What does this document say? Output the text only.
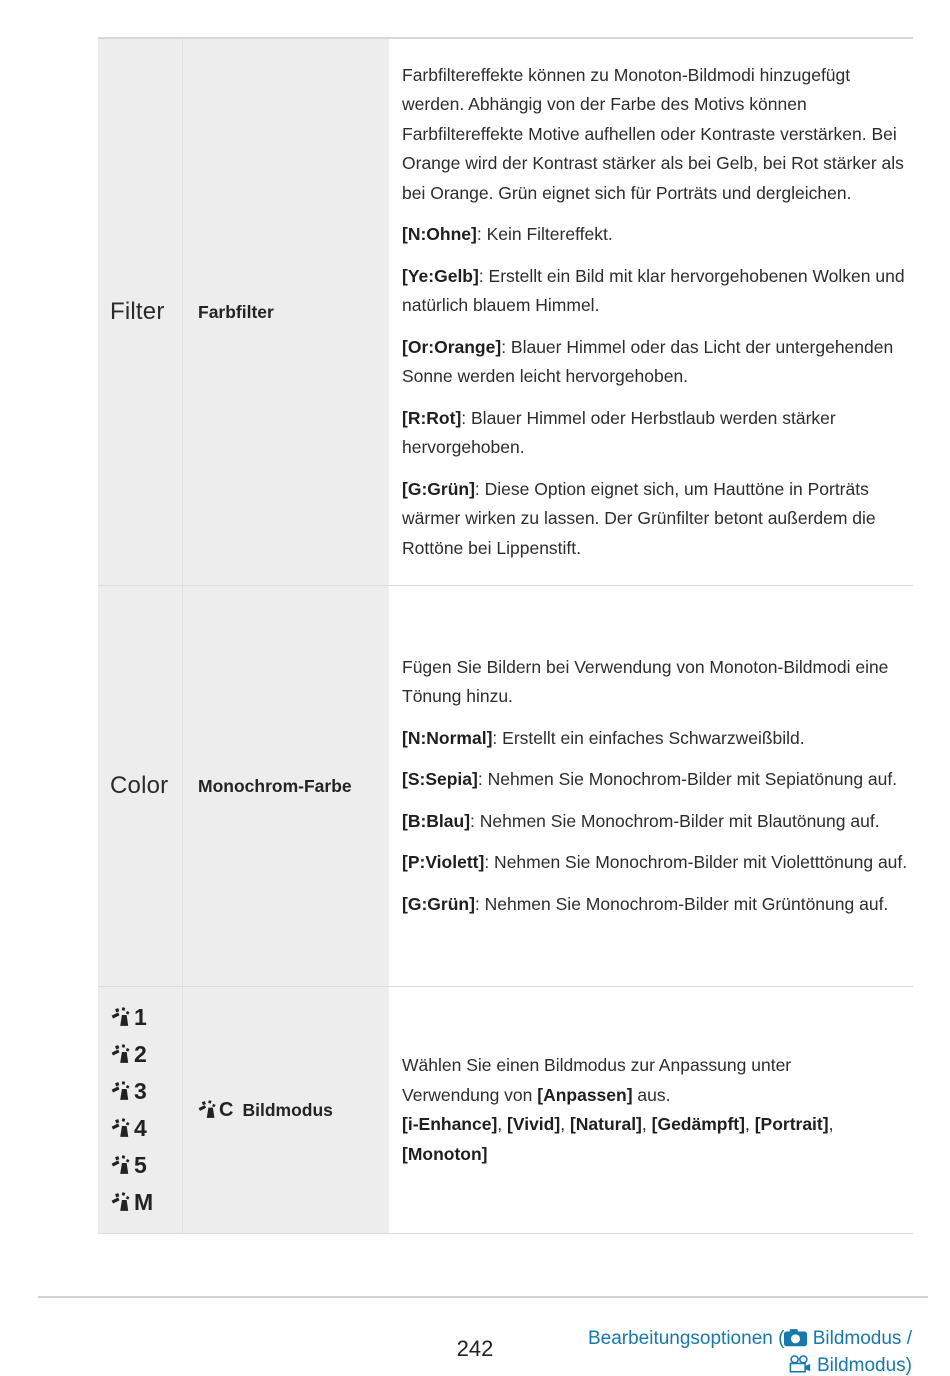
Filter Farbfilter

Farbfiltereffekte können zu Monoton-Bildmodi hinzugefügt werden. Abhängig von der Farbe des Motivs können Farbfiltereffekte Motive aufhellen oder Kontraste verstärken. Bei Orange wird der Kontrast stärker als bei Gelb, bei Rot stärker als bei Orange. Grün eignet sich für Porträts und dergleichen.

[N:Ohne]: Kein Filtereffekt.

[Ye:Gelb]: Erstellt ein Bild mit klar hervorgehobenen Wolken und natürlich blauem Himmel.

[Or:Orange]: Blauer Himmel oder das Licht der untergehenden Sonne werden leicht hervorgehoben.

[R:Rot]: Blauer Himmel oder Herbstlaub werden stärker hervorgehoben.

[G:Grün]: Diese Option eignet sich, um Hauttöne in Porträts wärmer wirken zu lassen. Der Grünfilter betont außerdem die Rottöne bei Lippenstift.

Color Monochrom-Farbe

Fügen Sie Bildern bei Verwendung von Monoton-Bildmodi eine Tönung hinzu.

[N:Normal]: Erstellt ein einfaches Schwarzweißbild.

[S:Sepia]: Nehmen Sie Monochrom-Bilder mit Sepiatönung auf.

[B:Blau]: Nehmen Sie Monochrom-Bilder mit Blautönung auf.

[P:Violett]: Nehmen Sie Monochrom-Bilder mit Violetttönung auf.

[G:Grün]: Nehmen Sie Monochrom-Bilder mit Grüntönung auf.

1
2
3
4
5
M
C Bildmodus

Wählen Sie einen Bildmodus zur Anpassung unter
Verwendung von [Anpassen] aus.
[i-Enhance], [Vivid], [Natural], [Gedämpft], [Portrait],
[Monoton]

242	Bearbeitungsoptionen ( Bildmodus /

Bildmodus)
